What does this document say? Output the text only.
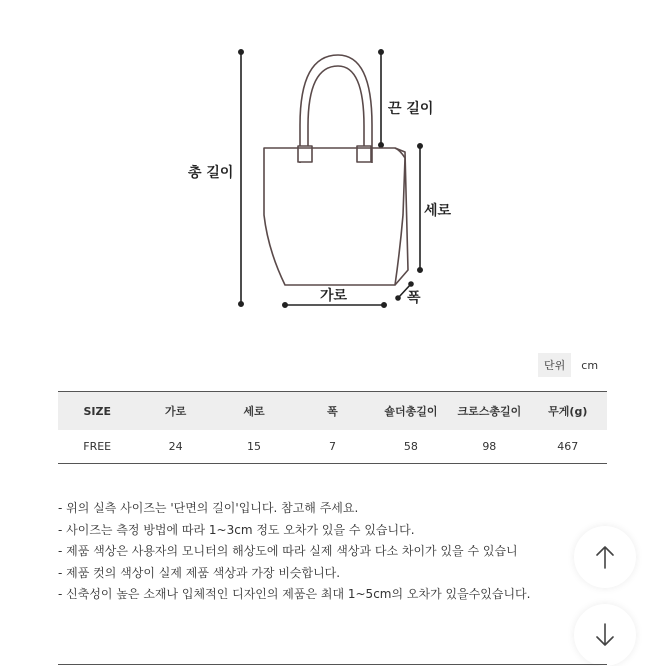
총 길이
끈 길이
세로
가로	폭
단위	cm
SIZE	가로	세로	폭	숄더총길이	크로스총길이	무게(g)
FREE	24	15	7	58	98	467
- 위의 실측 사이즈는 '단면의 길이'입니다. 참고해 주세요.
- 사이즈는 측정 방법에 따라 1~3cm 정도 오차가 있을 수 있습니다.
- 제품 색상은 사용자의 모니터의 해상도에 따라 실제 색상과 다소 차이가 있을 수 있습니
- 제품 컷의 색상이 실제 제품 색상과 가장 비슷합니다.
- 신축성이 높은 소재나 입체적인 디자인의 제품은 최대 1~5cm의 오차가 있을수있습니다.
